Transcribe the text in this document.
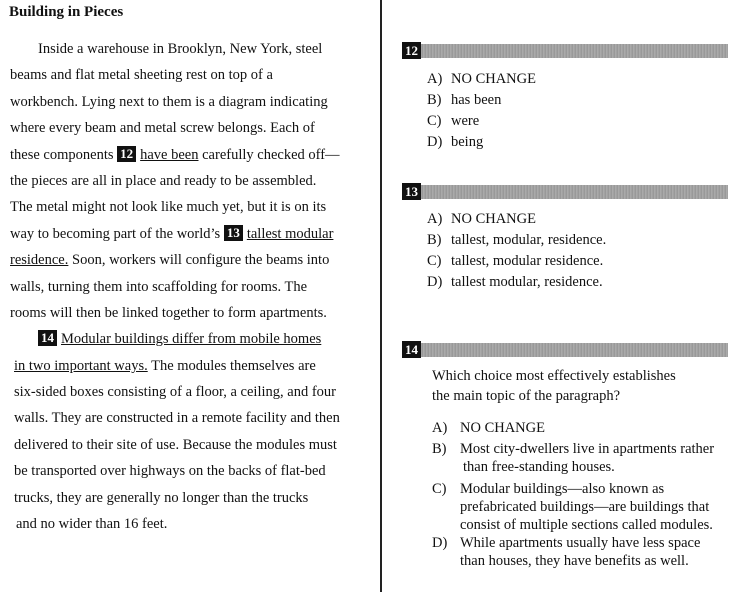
Building in Pieces
Inside a warehouse in Brooklyn, New York, steel
beams and flat metal sheeting rest on top of a
workbench. Lying next to them is a diagram indicating
where every beam and metal screw belongs. Each of
these components 12 have been carefully checked off—
the pieces are all in place and ready to be assembled.
The metal might not look like much yet, but it is on its
way to becoming part of the world’s 13 tallest modular
residence. Soon, workers will configure the beams into
walls, turning them into scaffolding for rooms. The
rooms will then be linked together to form apartments.
14 Modular buildings differ from mobile homes
in two important ways. The modules themselves are
six-sided boxes consisting of a floor, a ceiling, and four
walls. They are constructed in a remote facility and then
delivered to their site of use. Because the modules must
be transported over highways on the backs of flat-bed
trucks, they are generally no longer than the trucks
and no wider than 16 feet.
12
A) NO CHANGE
B) has been
C) were
D) being
13
A) NO CHANGE
B) tallest, modular, residence.
C) tallest, modular residence.
D) tallest modular, residence.
14
Which choice most effectively establishes
the main topic of the paragraph?
A) NO CHANGE
B) Most city-dwellers live in apartments rather
than free-standing houses.
C) Modular buildings—also known as
prefabricated buildings—are buildings that
consist of multiple sections called modules.
D) While apartments usually have less space
than houses, they have benefits as well.
